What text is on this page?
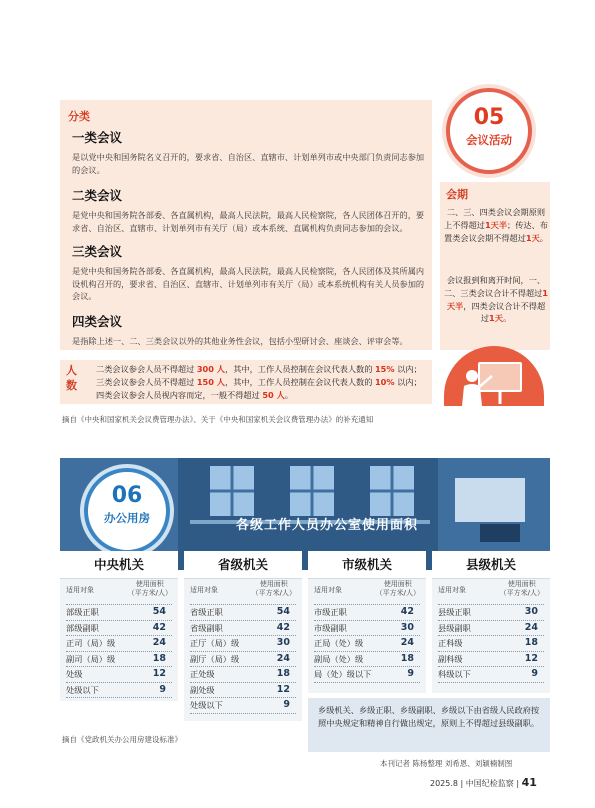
分类
一类会议

是以党中央和国务院名义召开的，要求省、自治区、直辖市、计划单列市或中央部门负责同志参加的会议。

二类会议

是党中央和国务院各部委、各直属机构，最高人民法院，最高人民检察院，各人民团体召开的，要求省、自治区、直辖市、计划单列市有关厅（局）或本系统、直属机构负责同志参加的会议。

三类会议

是党中央和国务院各部委、各直属机构，最高人民法院，最高人民检察院，各人民团体及其所属内设机构召开的，要求省、自治区、直辖市、计划单列市有关厅（局）或本系统机构有关人员参加的会议。

四类会议

是指除上述一、二、三类会议以外的其他业务性会议，包括小型研讨会、座谈会、评审会等。

05
会议活动
会期
二、三、四类会议会期原则上不得超过1天半；传达、布置类会议会期不得超过1天。
会议报到和离开时间，一、二、三类会议合计不得超过1天半，四类会议合计不得超过1天。
人数
二类会议参会人员不得超过 300 人，其中，工作人员控制在会议代表人数的 15% 以内；
三类会议参会人员不得超过 150 人，其中，工作人员控制在会议代表人数的 10% 以内；
四类会议参会人员视内容而定，一般不得超过 50 人。
摘自《中央和国家机关会议费管理办法》、关于《中央和国家机关会议费管理办法》的补充通知
06
办公用房	各级工作人员办公室使用面积
中央机关
适用对象
使用面积
（平方米/人）
部级正职	54
部级副职	42
正司（局）级	24
副司（局）级	18
处级	12
处级以下	9
省级机关
适用对象
使用面积
（平方米/人）
省级正职	54
省级副职	42
正厅（局）级	30
副厅（局）级	24
正处级	18
副处级	12
处级以下	9
市级机关
适用对象
使用面积
（平方米/人）
市级正职	42
市级副职	30
正局（处）级	24
副局（处）级	18
局（处）级以下	9
县级机关
适用对象
使用面积
（平方米/人）
县级正职	30
县级副职	24
正科级	18
副科级	12
科级以下	9

乡级机关、乡级正职、乡级副职、乡级以下由省级人民政府按照中央规定和精神自行做出规定，原则上不得超过县级副职。

摘自《党政机关办公用房建设标准》
本刊记者 陈杨整理 刘希恩、刘颖楠制图
2025.8 | 中国纪检监察 | 41
